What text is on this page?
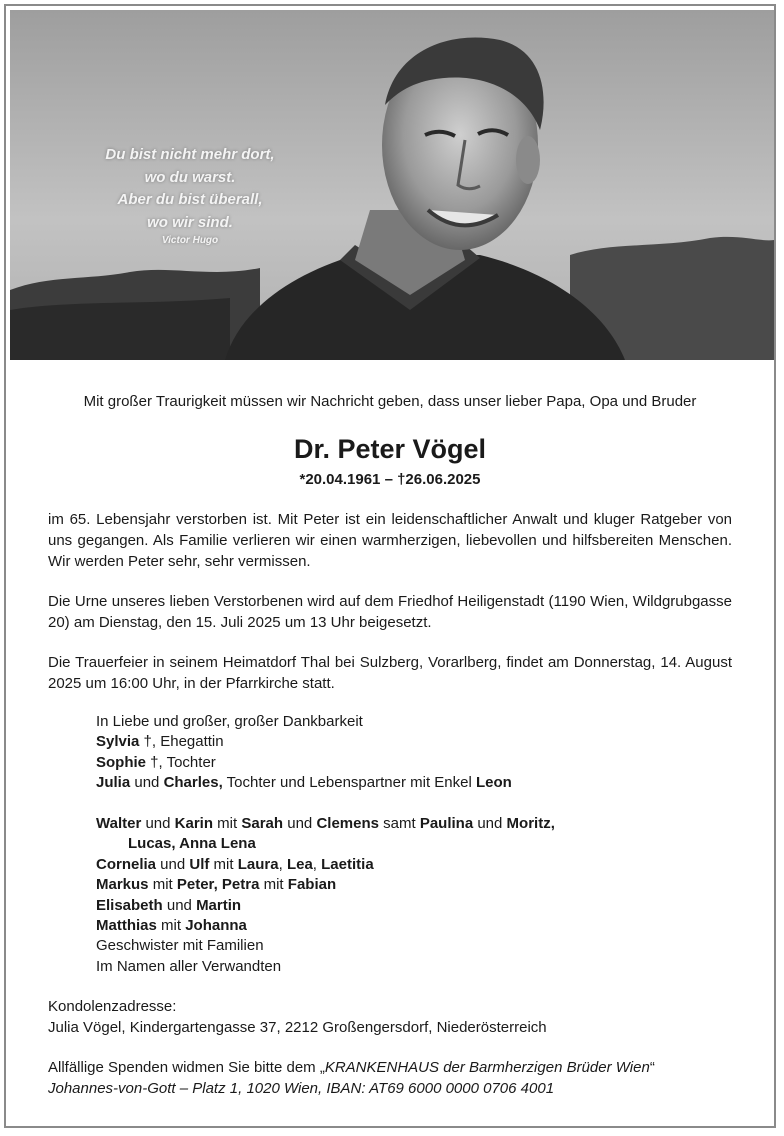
Du bist nicht mehr dort,
wo du warst.
Aber du bist überall,
wo wir sind.
Victor Hugo
Mit großer Traurigkeit müssen wir Nachricht geben, dass unser lieber Papa, Opa und Bruder
Dr. Peter Vögel
*20.04.1961 – †26.06.2025
im 65. Lebensjahr verstorben ist. Mit Peter ist ein leidenschaftlicher Anwalt und kluger Ratgeber von uns gegangen. Als Familie verlieren wir einen warmherzigen, liebevollen und hilfsbereiten Menschen. Wir werden Peter sehr, sehr vermissen.
Die Urne unseres lieben Verstorbenen wird auf dem Friedhof Heiligenstadt (1190 Wien, Wildgrubgasse 20) am Dienstag, den 15. Juli 2025 um 13 Uhr beigesetzt.
Die Trauerfeier in seinem Heimatdorf Thal bei Sulzberg, Vorarlberg, findet am Donnerstag, 14. August 2025 um 16:00 Uhr, in der Pfarrkirche statt.
In Liebe und großer, großer Dankbarkeit
Sylvia †, Ehegattin
Sophie †, Tochter
Julia und Charles, Tochter und Lebenspartner mit Enkel Leon
Walter und Karin mit Sarah und Clemens samt Paulina und Moritz,
Lucas, Anna Lena
Cornelia und Ulf mit Laura, Lea, Laetitia
Markus mit Peter, Petra mit Fabian
Elisabeth und Martin
Matthias mit Johanna
Geschwister mit Familien
Im Namen aller Verwandten
Kondolenzadresse:
Julia Vögel, Kindergartengasse 37, 2212 Großengersdorf, Niederösterreich
Allfällige Spenden widmen Sie bitte dem „KRANKENHAUS der Barmherzigen Brüder Wien“
Johannes-von-Gott – Platz 1, 1020 Wien, IBAN: AT69 6000 0000 0706 4001
